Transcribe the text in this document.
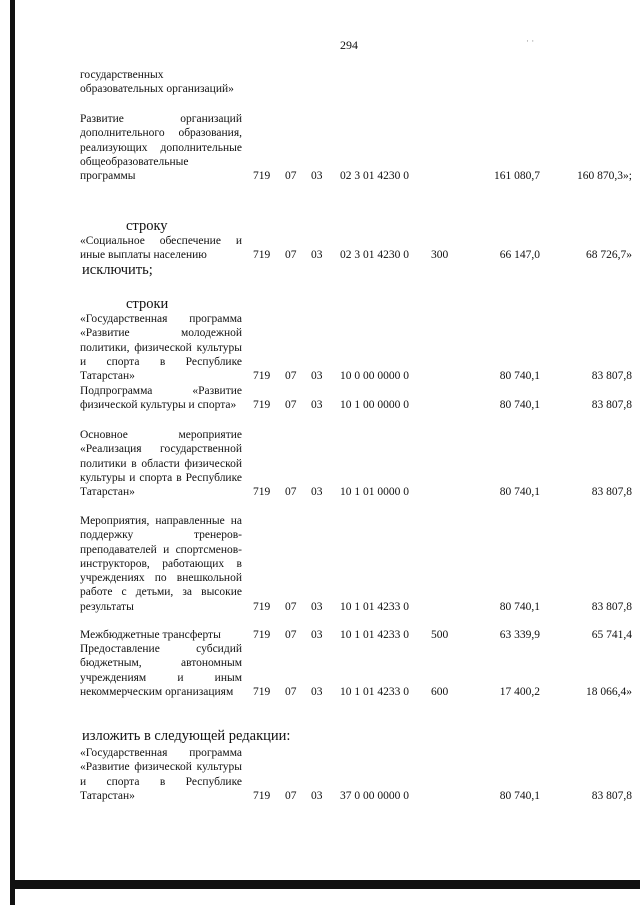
294	· ·
строку
исключить;
строки
изложить в следующей редакции:
государственных образовательных организаций»
Развитие организаций дополнительного образования, реализующих дополнительные общеобразовательные программы	719	07	03	02 3 01 4230 0	161 080,7	160 870,3»;
«Социальное обеспечение и иные выплаты населению	719	07	03	02 3 01 4230 0	300	66 147,0	68 726,7»
«Государственная программа «Развитие молодежной политики, физической культуры и спорта в Республике Татарстан»	719	07	03	10 0 00 0000 0	80 740,1	83 807,8
Подпрограмма «Развитие физической культуры и спорта»	719	07	03	10 1 00 0000 0	80 740,1	83 807,8
Основное мероприятие «Реализация государственной политики в области физической культуры и спорта в Республике Татарстан»	719	07	03	10 1 01 0000 0	80 740,1	83 807,8
Мероприятия, направленные на поддержку тренеров-преподавателей и спортсменов-инструкторов, работающих в учреждениях по внешкольной работе с детьми, за высокие результаты	719	07	03	10 1 01 4233 0	80 740,1	83 807,8
Межбюджетные трансферты	719	07	03	10 1 01 4233 0	500	63 339,9	65 741,4
Предоставление субсидий бюджетным, автономным учреждениям и иным некоммерческим организациям	719	07	03	10 1 01 4233 0	600	17 400,2	18 066,4»
«Государственная программа «Развитие физической культуры и спорта в Республике Татарстан»	719	07	03	37 0 00 0000 0	80 740,1	83 807,8
